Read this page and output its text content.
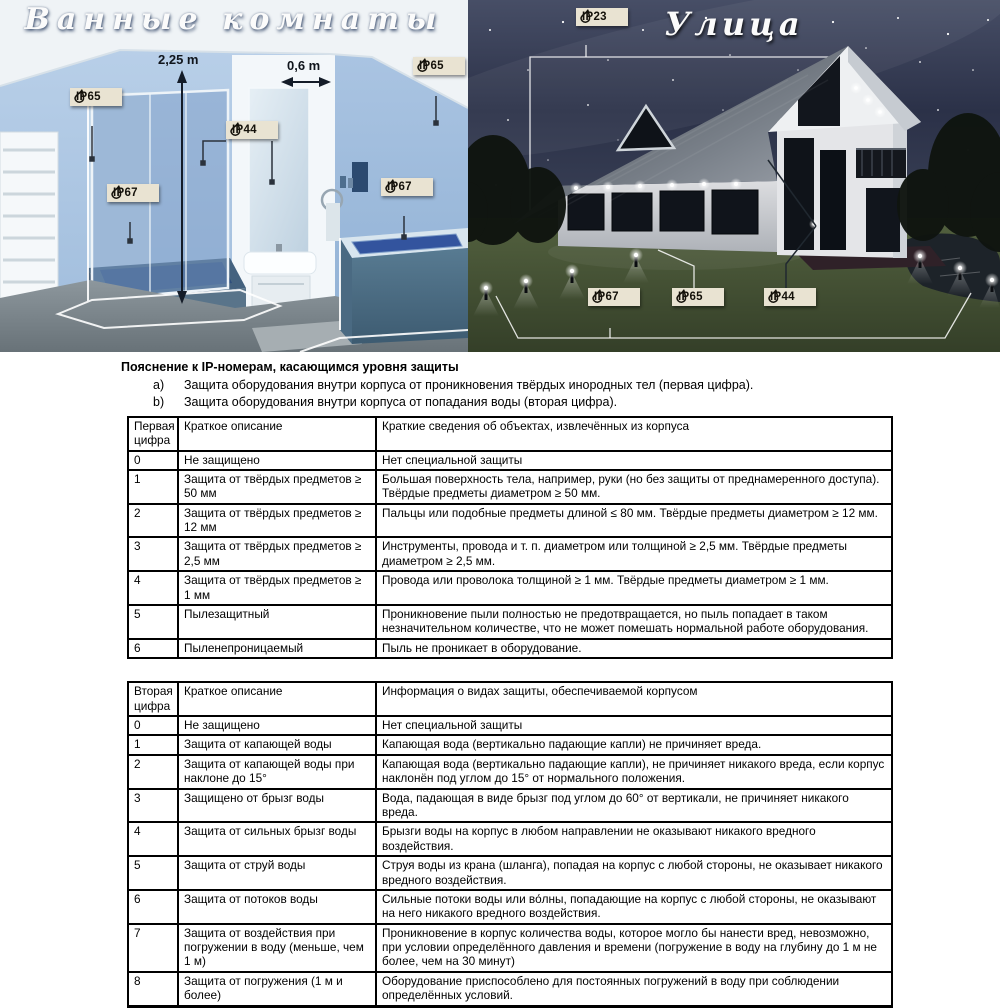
Ванные комнаты
2,25 m	0,6 m
IP65
IP44
IP65
IP67	IP67
Улица
IP23
IP67	IP65	IP44
Пояснение к IP-номерам, касающимся уровня защиты
a)	Защита оборудования внутри корпуса от проникновения твёрдых инородных тел (первая цифра).
b)	Защита оборудования внутри корпуса от попадания воды (вторая цифра).
Первая цифра	Краткое описание	Краткие сведения об объектах, извлечённых из корпуса
0	Не защищено	Нет специальной защиты
1	Защита от твёрдых предметов ≥ 50 мм	Большая поверхность тела, например, руки (но без защиты от преднамеренного доступа). Твёрдые предметы диаметром ≥ 50 мм.
2	Защита от твёрдых предметов ≥ 12 мм	Пальцы или подобные предметы длиной ≤ 80 мм. Твёрдые предметы диаметром ≥ 12 мм.
3	Защита от твёрдых предметов ≥ 2,5 мм	Инструменты, провода и т. п. диаметром или толщиной ≥ 2,5 мм. Твёрдые предметы диаметром ≥ 2,5 мм.
4	Защита от твёрдых предметов ≥ 1 мм	Провода или проволока толщиной ≥ 1 мм. Твёрдые предметы диаметром ≥ 1 мм.
5	Пылезащитный	Проникновение пыли полностью не предотвращается, но пыль попадает в таком незначительном количестве, что не может помешать нормальной работе оборудования.
6	Пыленепроницаемый	Пыль не проникает в оборудование.
Вторая цифра	Краткое описание	Информация о видах защиты, обеспечиваемой корпусом
0	Не защищено	Нет специальной защиты
1	Защита от капающей воды	Капающая вода (вертикально падающие капли) не причиняет вреда.
2	Защита от капающей воды при наклоне до 15°	Капающая вода (вертикально падающие капли), не причиняет никакого вреда, если корпус наклонён под углом до 15° от нормального положения.
3	Защищено от брызг воды	Вода, падающая в виде брызг под углом до 60° от вертикали, не причиняет никакого вреда.
4	Защита от сильных брызг воды	Брызги воды на корпус в любом направлении не оказывают никакого вредного воздействия.
5	Защита от струй воды	Струя воды из крана (шланга), попадая на корпус с любой стороны, не оказывает никакого вредного воздействия.
6	Защита от потоков воды	Сильные потоки воды или во́лны, попадающие на корпус с любой стороны, не оказывают на него никакого вредного воздействия.
7	Защита от воздействия при погружении в воду (меньше, чем 1 м)	Проникновение в корпус количества воды, которое могло бы нанести вред, невозможно, при условии определённого давления и времени (погружение в воду на глубину до 1 м не более, чем на 30 минут)
8	Защита от погружения (1 м и более)	Оборудование приспособлено для постоянных погружений в воду при соблюдении определённых условий.
